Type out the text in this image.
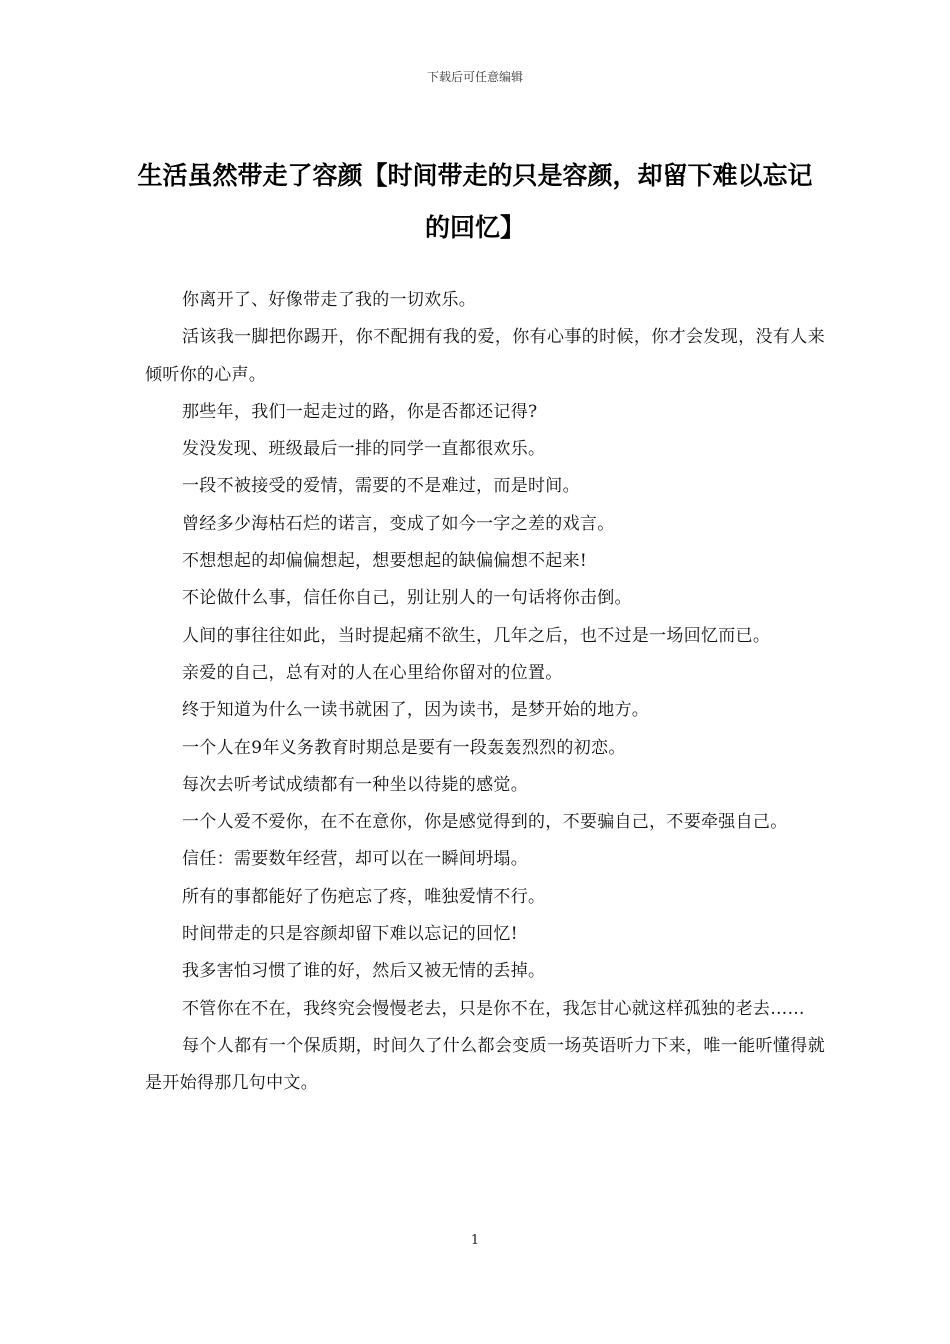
下载后可任意编辑
生活虽然带走了容颜【时间带走的只是容颜，却留下难以忘记的回忆】

你离开了、好像带走了我的一切欢乐。

活该我一脚把你踢开，你不配拥有我的爱，你有心事的时候，你才会发现，没有人来倾听你的心声。

那些年，我们一起走过的路，你是否都还记得?

发没发现、班级最后一排的同学一直都很欢乐。

一段不被接受的爱情，需要的不是难过，而是时间。

曾经多少海枯石烂的诺言，变成了如今一字之差的戏言。

不想想起的却偏偏想起，想要想起的缺偏偏想不起来!

不论做什么事，信任你自己，别让别人的一句话将你击倒。

人间的事往往如此，当时提起痛不欲生，几年之后，也不过是一场回忆而已。

亲爱的自己，总有对的人在心里给你留对的位置。

终于知道为什么一读书就困了，因为读书，是梦开始的地方。

一个人在9年义务教育时期总是要有一段轰轰烈烈的初恋。

每次去听考试成绩都有一种坐以待毙的感觉。

一个人爱不爱你，在不在意你，你是感觉得到的，不要骗自己，不要牵强自己。

信任：需要数年经营，却可以在一瞬间坍塌。

所有的事都能好了伤疤忘了疼，唯独爱情不行。

时间带走的只是容颜却留下难以忘记的回忆!

我多害怕习惯了谁的好，然后又被无情的丢掉。

不管你在不在，我终究会慢慢老去，只是你不在，我怎甘心就这样孤独的老去……

每个人都有一个保质期，时间久了什么都会变质一场英语听力下来，唯一能听懂得就是开始得那几句中文。

1
